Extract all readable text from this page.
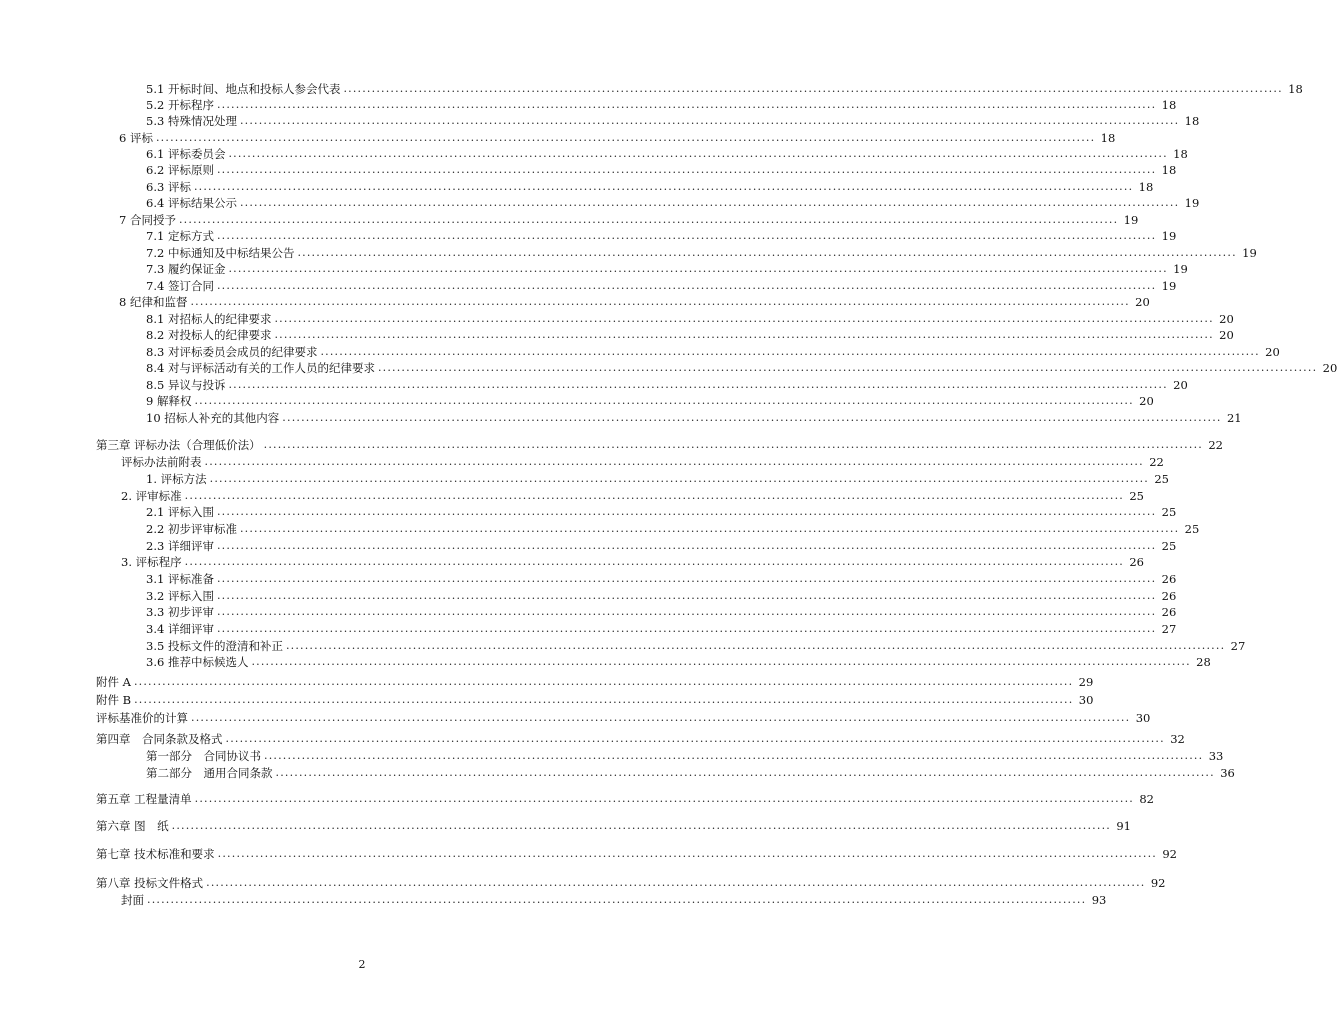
5.1 开标时间、地点和投标人参会代表 ........................................................................................................................................................................................................ 18
5.2 开标程序 ........................................................................................................................................................................................................ 18
5.3 特殊情况处理 ........................................................................................................................................................................................................ 18
6 评标 ........................................................................................................................................................................................................ 18
6.1 评标委员会 ........................................................................................................................................................................................................ 18
6.2 评标原则 ........................................................................................................................................................................................................ 18
6.3 评标 ........................................................................................................................................................................................................ 18
6.4 评标结果公示 ........................................................................................................................................................................................................ 19
7 合同授予 ........................................................................................................................................................................................................ 19
7.1 定标方式 ........................................................................................................................................................................................................ 19
7.2 中标通知及中标结果公告 ........................................................................................................................................................................................................ 19
7.3 履约保证金 ........................................................................................................................................................................................................ 19
7.4 签订合同 ........................................................................................................................................................................................................ 19
8 纪律和监督 ........................................................................................................................................................................................................ 20
8.1 对招标人的纪律要求 ........................................................................................................................................................................................................ 20
8.2 对投标人的纪律要求 ........................................................................................................................................................................................................ 20
8.3 对评标委员会成员的纪律要求 ........................................................................................................................................................................................................ 20
8.4 对与评标活动有关的工作人员的纪律要求 ........................................................................................................................................................................................................ 20
8.5 异议与投诉 ........................................................................................................................................................................................................ 20
9 解释权 ........................................................................................................................................................................................................ 20
10 招标人补充的其他内容 ........................................................................................................................................................................................................ 21
第三章 评标办法（合理低价法） ........................................................................................................................................................................................................ 22
评标办法前附表 ........................................................................................................................................................................................................ 22
1. 评标方法 ........................................................................................................................................................................................................ 25
2. 评审标准 ........................................................................................................................................................................................................ 25
2.1 评标入围 ........................................................................................................................................................................................................ 25
2.2 初步评审标准 ........................................................................................................................................................................................................ 25
2.3 详细评审 ........................................................................................................................................................................................................ 25
3. 评标程序 ........................................................................................................................................................................................................ 26
3.1 评标准备 ........................................................................................................................................................................................................ 26
3.2 评标入围 ........................................................................................................................................................................................................ 26
3.3 初步评审 ........................................................................................................................................................................................................ 26
3.4 详细评审 ........................................................................................................................................................................................................ 27
3.5 投标文件的澄清和补正 ........................................................................................................................................................................................................ 27
3.6 推荐中标候选人 ........................................................................................................................................................................................................ 28
附件 A ........................................................................................................................................................................................................ 29
附件 B ........................................................................................................................................................................................................ 30
评标基准价的计算 ........................................................................................................................................................................................................ 30
第四章　合同条款及格式 ........................................................................................................................................................................................................ 32
第一部分　合同协议书 ........................................................................................................................................................................................................ 33
第二部分　通用合同条款 ........................................................................................................................................................................................................ 36
第五章 工程量清单 ........................................................................................................................................................................................................ 82
第六章 图　纸 ........................................................................................................................................................................................................ 91
第七章 技术标准和要求 ........................................................................................................................................................................................................ 92
第八章 投标文件格式 ........................................................................................................................................................................................................ 92
封面 ........................................................................................................................................................................................................ 93
2
